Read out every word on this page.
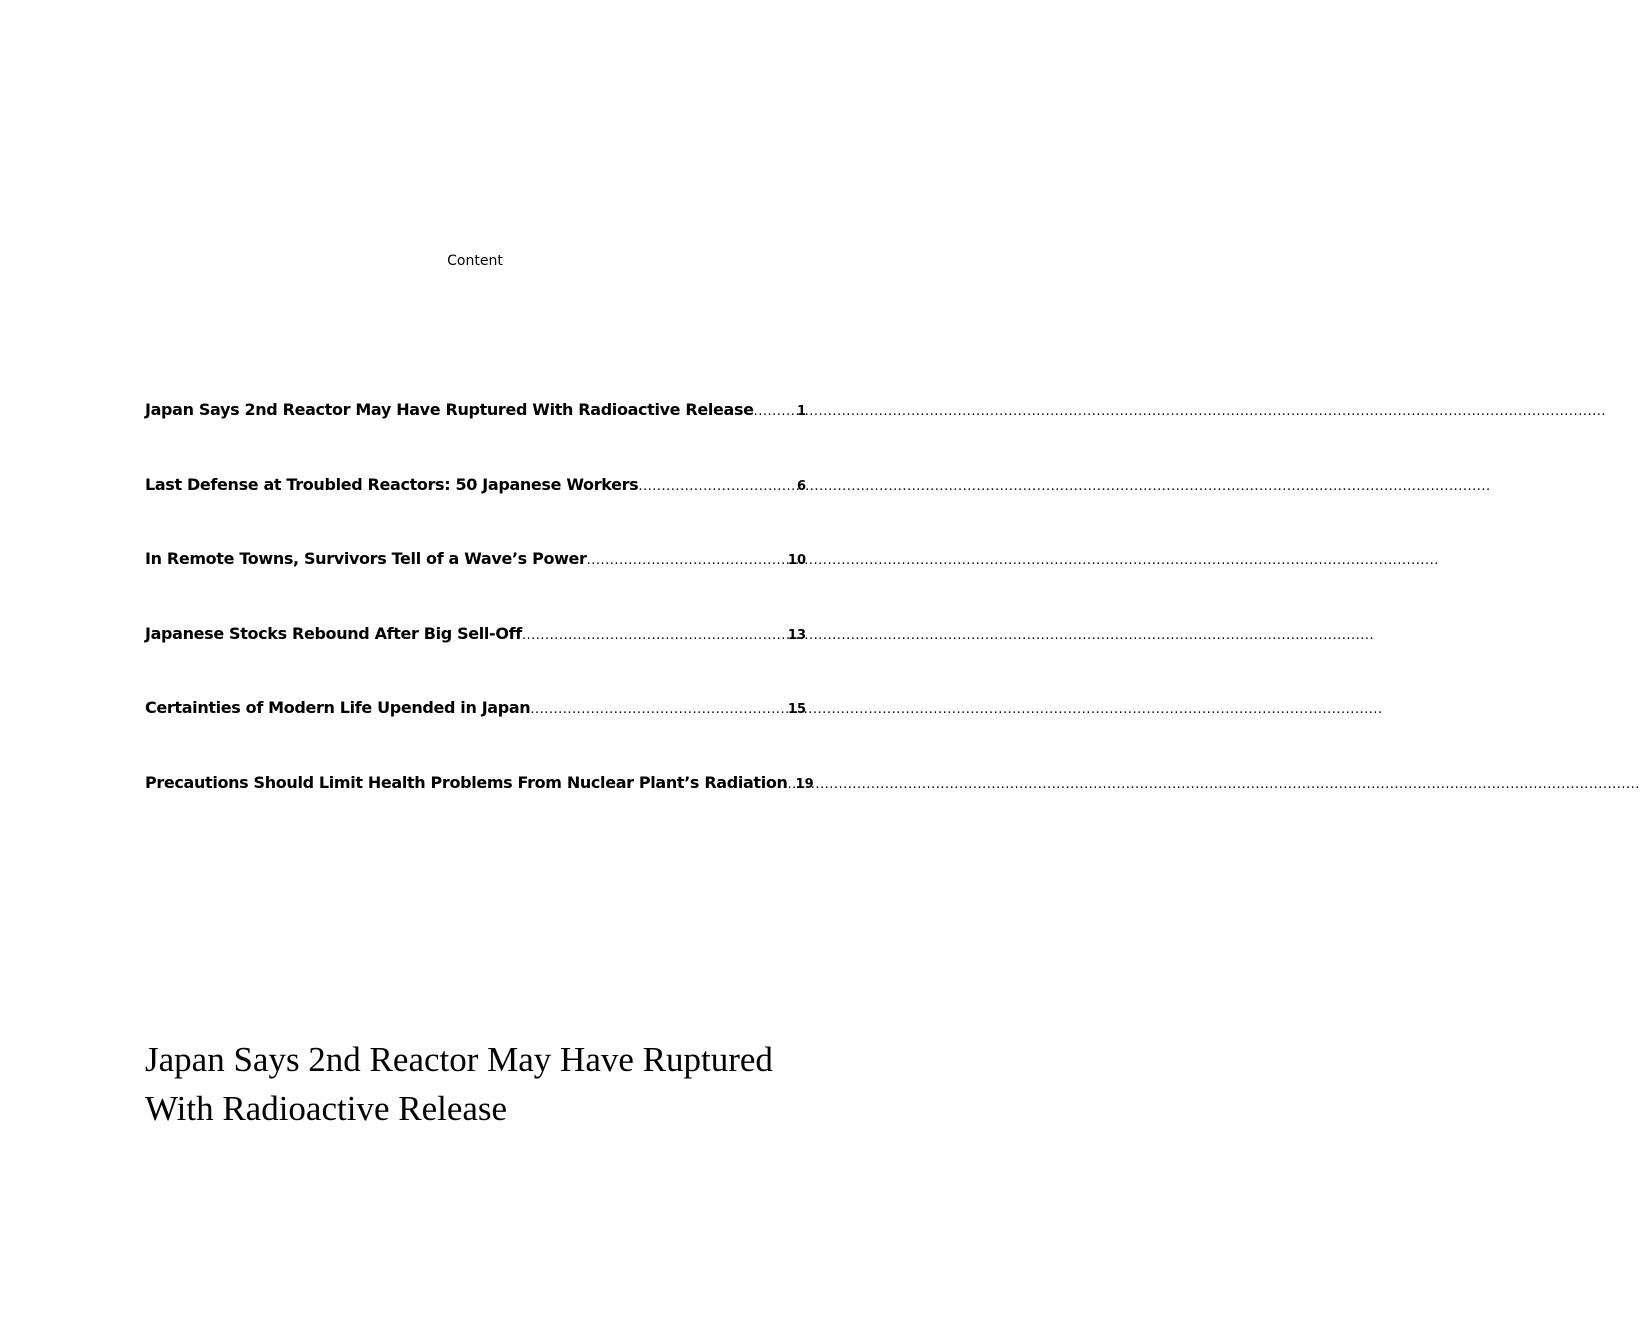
Content
Japan Says 2nd Reactor May Have Ruptured With Radioactive Release .....	1
Last Defense at Troubled Reactors: 50 Japanese Workers .....	6
In Remote Towns, Survivors Tell of a Wave’s Power .....	10
Japanese Stocks Rebound After Big Sell-Off .....	13
Certainties of Modern Life Upended in Japan .....	15
Precautions Should Limit Health Problems From Nuclear Plant’s Radiation ..... 19
Japan Says 2nd Reactor May Have Ruptured With Radioactive Release
